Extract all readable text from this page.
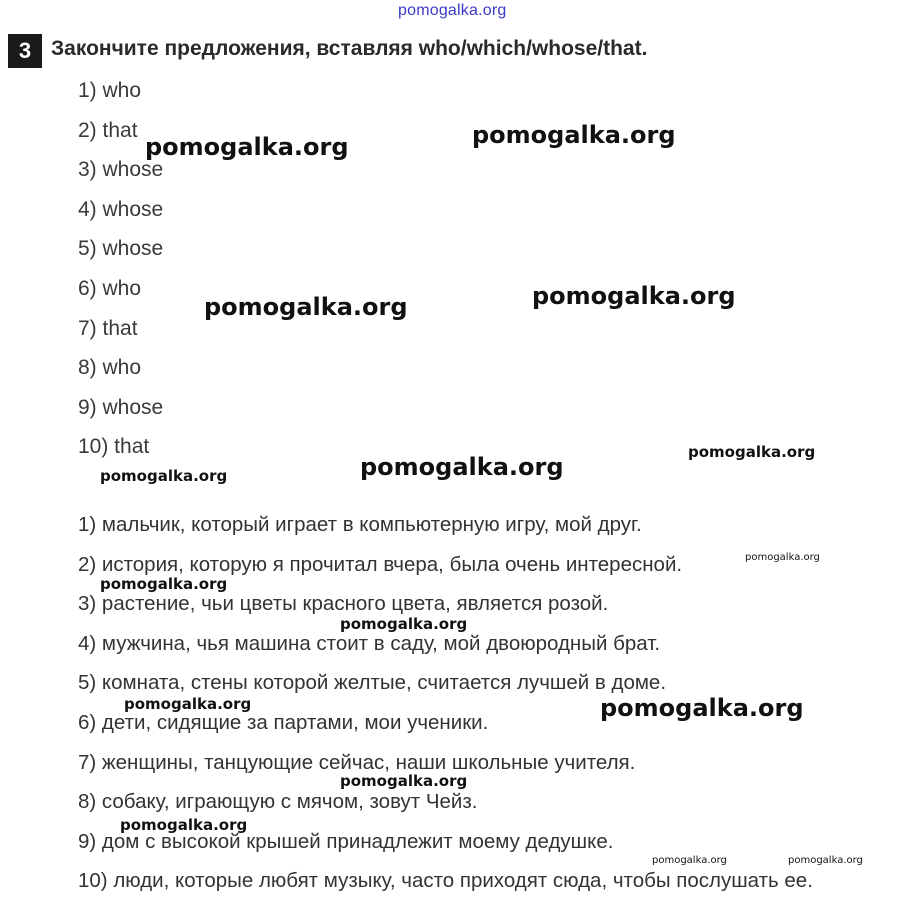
pomogalka.org
3 Закончите предложения, вставляя who/which/whose/that.
1) who
2) that
3) whose
4) whose
5) whose
6) who
7) that
8) who
9) whose
10) that
1) мальчик, который играет в компьютерную игру, мой друг.
2) история, которую я прочитал вчера, была очень интересной.
3) растение, чьи цветы красного цвета, является розой.
4) мужчина, чья машина стоит в саду, мой двоюродный брат.
5) комната, стены которой желтые, считается лучшей в доме.
6) дети, сидящие за партами, мои ученики.
7) женщины, танцующие сейчас, наши школьные учителя.
8) собаку, играющую с мячом, зовут Чейз.
9) дом с высокой крышей принадлежит моему дедушке.
10) люди, которые любят музыку, часто приходят сюда, чтобы послушать ее.
pomogalka.org	pomogalka.org
pomogalka.org	pomogalka.org
pomogalka.org	pomogalka.org
pomogalka.org
pomogalka.org
pomogalka.org
pomogalka.org
pomogalka.org	pomogalka.org
pomogalka.org
pomogalka.org
pomogalka.org	pomogalka.org
